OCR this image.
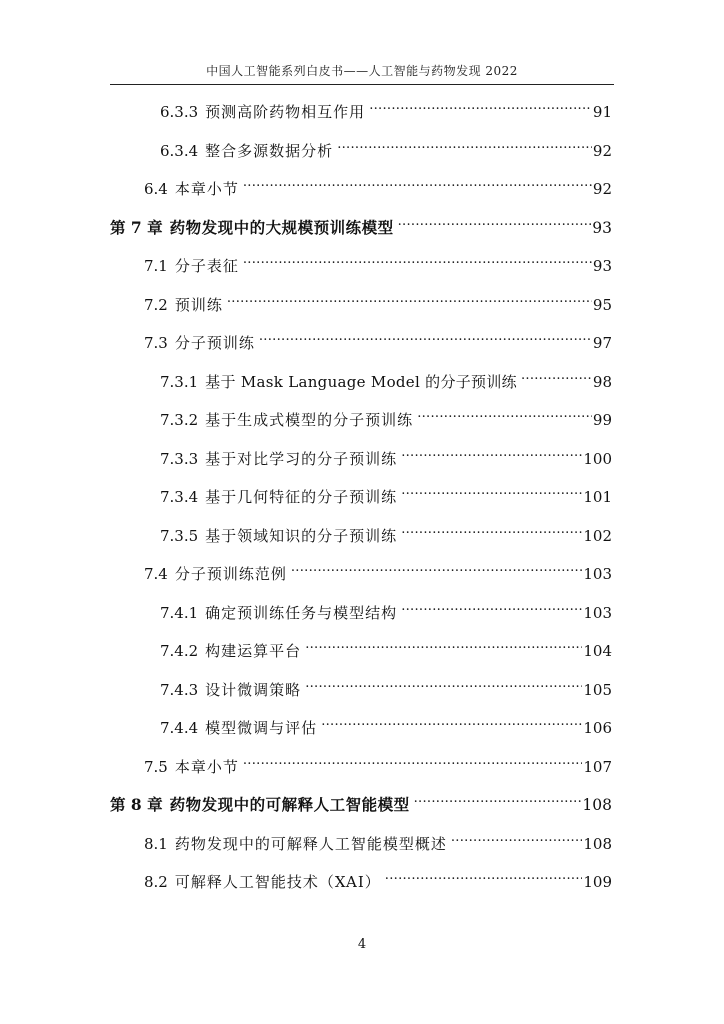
中国人工智能系列白皮书——人工智能与药物发现 2022
6.3.3 预测高阶药物相互作用 .....	91
6.3.4 整合多源数据分析 .....	92
6.4 本章小节 .....	92
第 7 章 药物发现中的大规模预训练模型 .....	93
7.1 分子表征 .....	93
7.2 预训练 .....	95
7.3 分子预训练 .....	97
7.3.1 基于 Mask Language Model 的分子预训练 .....	98
7.3.2 基于生成式模型的分子预训练 .....	99
7.3.3 基于对比学习的分子预训练 .....	100
7.3.4 基于几何特征的分子预训练 .....	101
7.3.5 基于领域知识的分子预训练 .....	102
7.4 分子预训练范例 .....	103
7.4.1 确定预训练任务与模型结构 .....	103
7.4.2 构建运算平台 .....	104
7.4.3 设计微调策略 .....	105
7.4.4 模型微调与评估 .....	106
7.5 本章小节 .....	107
第 8 章 药物发现中的可解释人工智能模型 .....	108
8.1 药物发现中的可解释人工智能模型概述 .....	108
8.2 可解释人工智能技术（XAI） .....	109
4
